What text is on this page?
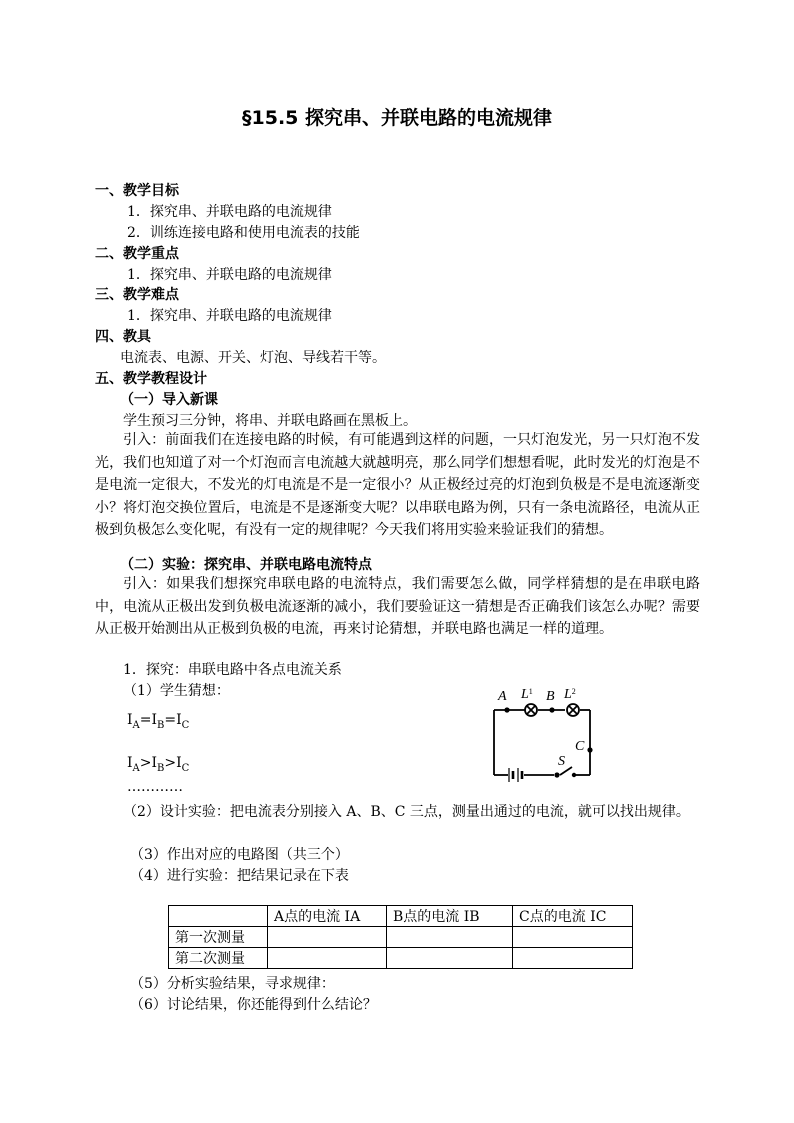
§15.5 探究串、并联电路的电流规律
一、教学目标
1．探究串、并联电路的电流规律
2．训练连接电路和使用电流表的技能
二、教学重点
1．探究串、并联电路的电流规律
三、教学难点
1．探究串、并联电路的电流规律
四、教具
电流表、电源、开关、灯泡、导线若干等。
五、教学教程设计
（一）导入新课
学生预习三分钟，将串、并联电路画在黑板上。
引入：前面我们在连接电路的时候，有可能遇到这样的问题，一只灯泡发光，另一只灯泡不发光，我们也知道了对一个灯泡而言电流越大就越明亮，那么同学们想想看呢，此时发光的灯泡是不是电流一定很大，不发光的灯电流是不是一定很小？从正极经过亮的灯泡到负极是不是电流逐渐变小？将灯泡交换位置后，电流是不是逐渐变大呢？以串联电路为例，只有一条电流路径，电流从正极到负极怎么变化呢，有没有一定的规律呢？今天我们将用实验来验证我们的猜想。
（二）实验：探究串、并联电路电流特点
引入：如果我们想探究串联电路的电流特点，我们需要怎么做，同学样猜想的是在串联电路中，电流从正极出发到负极电流逐渐的减小，我们要验证这一猜想是否正确我们该怎么办呢？需要从正极开始测出从正极到负极的电流，再来讨论猜想，并联电路也满足一样的道理。
1．探究：串联电路中各点电流关系
（1）学生猜想：
$I_A=I_B=I_C$
$I_A>I_B>I_C$
…………
A $L^1$ B $L^2$
C
S
（2）设计实验：把电流表分别接入 A、B、C 三点，测量出通过的电流，就可以找出规律。
（3）作出对应的电路图（共三个）
（4）进行实验：把结果记录在下表
	A点的电流 IA	B点的电流 IB	C点的电流 IC
第一次测量			
第二次测量			
（5）分析实验结果，寻求规律：
（6）讨论结果，你还能得到什么结论？
